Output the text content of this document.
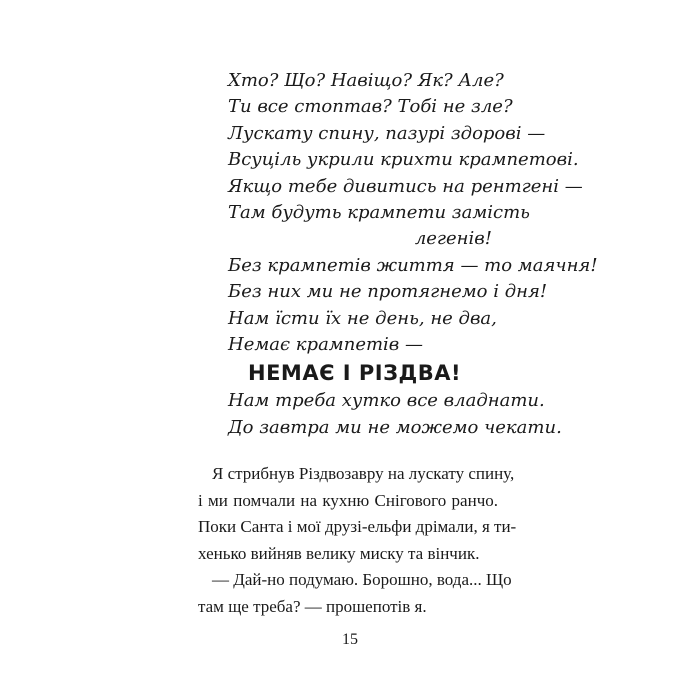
Хто? Що? Навіщо? Як? Але?
Ти все стоптав? Тобі не зле?
Лускату спину, пазурі здорові —
Всуціль укрили крихти крампетові.
Якщо тебе дивитись на рентгені —
Там будуть крампети замість
легенів!
Без крампетів життя — то маячня!
Без них ми не протягнемо і дня!
Нам їсти їх не день, не два,
Немає крампетів —
НЕМАЄ І РІЗДВА!
Нам треба хутко все владнати.
До завтра ми не можемо чекати.
Я стрибнув Різдвозавру на лускату спину,
і ми помчали на кухню Снігового ранчо.
Поки Санта і мої друзі-ельфи дрімали, я ти-
хенько вийняв велику миску та вінчик.
— Дай-но подумаю. Борошно, вода... Що
там ще треба? — прошепотів я.
15
